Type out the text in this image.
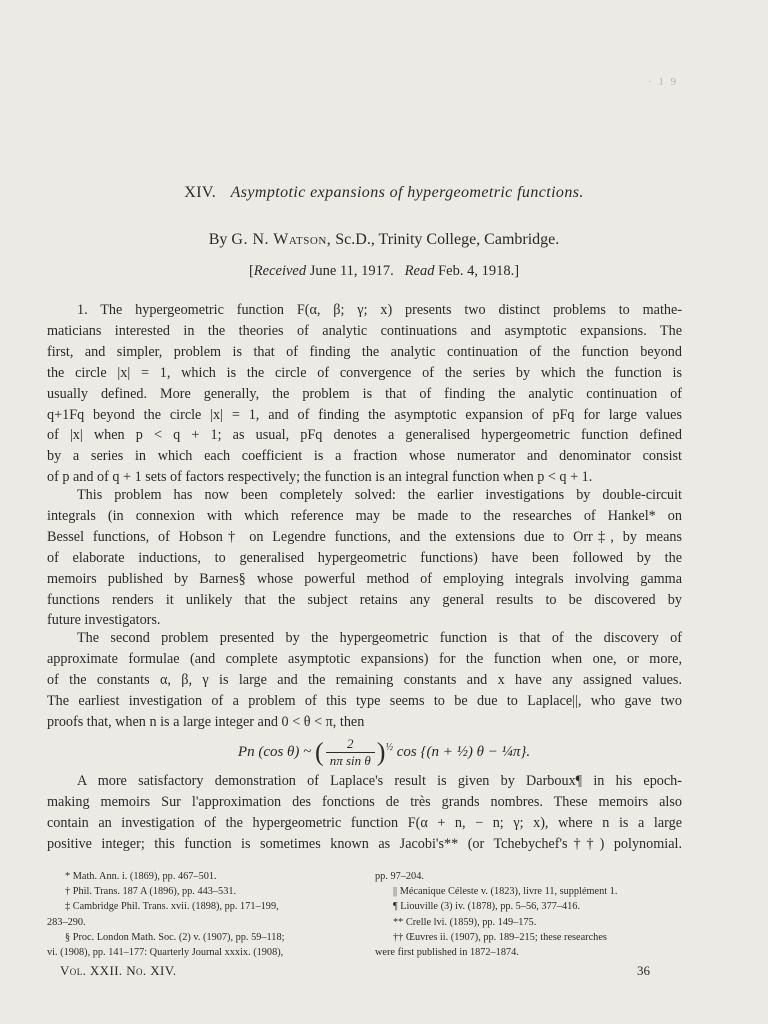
· 1 9
XIV. Asymptotic expansions of hypergeometric functions.
By G. N. Watson, Sc.D., Trinity College, Cambridge.
[Received June 11, 1917. Read Feb. 4, 1918.]
1. The hypergeometric function F(α, β; γ; x) presents two distinct problems to mathe-
maticians interested in the theories of analytic continuations and asymptotic expansions. The
first, and simpler, problem is that of finding the analytic continuation of the function beyond
the circle |x| = 1, which is the circle of convergence of the series by which the function is
usually defined. More generally, the problem is that of finding the analytic continuation of
q+1Fq beyond the circle |x| = 1, and of finding the asymptotic expansion of pFq for large values
of |x| when p < q + 1; as usual, pFq denotes a generalised hypergeometric function defined
by a series in which each coefficient is a fraction whose numerator and denominator consist
of p and of q + 1 sets of factors respectively; the function is an integral function when p < q + 1.
This problem has now been completely solved: the earlier investigations by double-circuit
integrals (in connexion with which reference may be made to the researches of Hankel* on
Bessel functions, of Hobson† on Legendre functions, and the extensions due to Orr‡, by means
of elaborate inductions, to generalised hypergeometric functions) have been followed by the
memoirs published by Barnes§ whose powerful method of employing integrals involving gamma
functions renders it unlikely that the subject retains any general results to be discovered by
future investigators.
The second problem presented by the hypergeometric function is that of the discovery of
approximate formulae (and complete asymptotic expansions) for the function when one, or more,
of the constants α, β, γ is large and the remaining constants and x have any assigned values.
The earliest investigation of a problem of this type seems to be due to Laplace||, who gave two
proofs that, when n is a large integer and 0 < θ < π, then
Pn (cos θ) ~ ( $\frac{2}{\text{nπ sin θ}} )^{\frac{1}{2}}$ cos {(n + ½) θ − ¼π}.
A more satisfactory demonstration of Laplace's result is given by Darboux¶ in his epoch-
making memoirs Sur l'approximation des fonctions de très grands nombres. These memoirs also
contain an investigation of the hypergeometric function F(α + n, − n; γ; x), where n is a large
positive integer; this function is sometimes known as Jacobi's** (or Tchebychef's††) polynomial.
* Math. Ann. i. (1869), pp. 467–501.
† Phil. Trans. 187 A (1896), pp. 443–531.
‡ Cambridge Phil. Trans. xvii. (1898), pp. 171–199,
283–290.
§ Proc. London Math. Soc. (2) v. (1907), pp. 59–118;
vi. (1908), pp. 141–177: Quarterly Journal xxxix. (1908),
pp. 97–204.
|| Mécanique Céleste v. (1823), livre 11, supplément 1.
¶ Liouville (3) iv. (1878), pp. 5–56, 377–416.
** Crelle lvi. (1859), pp. 149–175.
†† Œuvres ii. (1907), pp. 189–215; these researches
were first published in 1872–1874.
Vol. XXII. No. XIV.	36
